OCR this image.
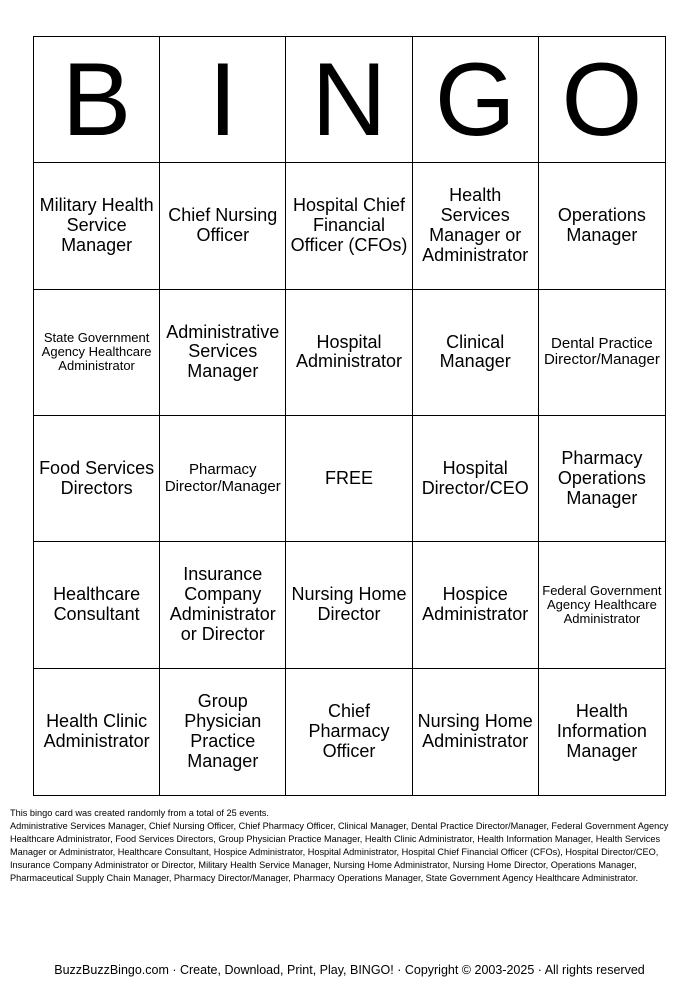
B I N G O
Military Health Service Manager
Chief Nursing Officer
Hospital Chief Financial Officer (CFOs)
Health Services Manager or Administrator
Operations Manager
State Government Agency Healthcare Administrator
Administrative Services Manager
Hospital Administrator
Clinical Manager
Dental Practice Director/Manager
Food Services Directors
Pharmacy Director/Manager	FREE	Hospital Director/CEO
Pharmacy Operations Manager
Healthcare Consultant
Insurance Company Administrator or Director
Nursing Home Director
Hospice Administrator
Federal Government Agency Healthcare Administrator
Health Clinic Administrator
Group Physician Practice Manager
Chief Pharmacy Officer
Nursing Home Administrator
Health Information Manager

This bingo card was created randomly from a total of 25 events.

Administrative Services Manager, Chief Nursing Officer, Chief Pharmacy Officer, Clinical Manager, Dental Practice Director/Manager, Federal Government Agency Healthcare Administrator, Food Services Directors, Group Physician Practice Manager, Health Clinic Administrator, Health Information Manager, Health Services Manager or Administrator, Healthcare Consultant, Hospice Administrator, Hospital Administrator, Hospital Chief Financial Officer (CFOs), Hospital Director/CEO, Insurance Company Administrator or Director, Military Health Service Manager, Nursing Home Administrator, Nursing Home Director, Operations Manager, Pharmaceutical Supply Chain Manager, Pharmacy Director/Manager, Pharmacy Operations Manager, State Government Agency Healthcare Administrator.

BuzzBuzzBingo.com · Create, Download, Print, Play, BINGO! · Copyright © 2003-2025 · All rights reserved
